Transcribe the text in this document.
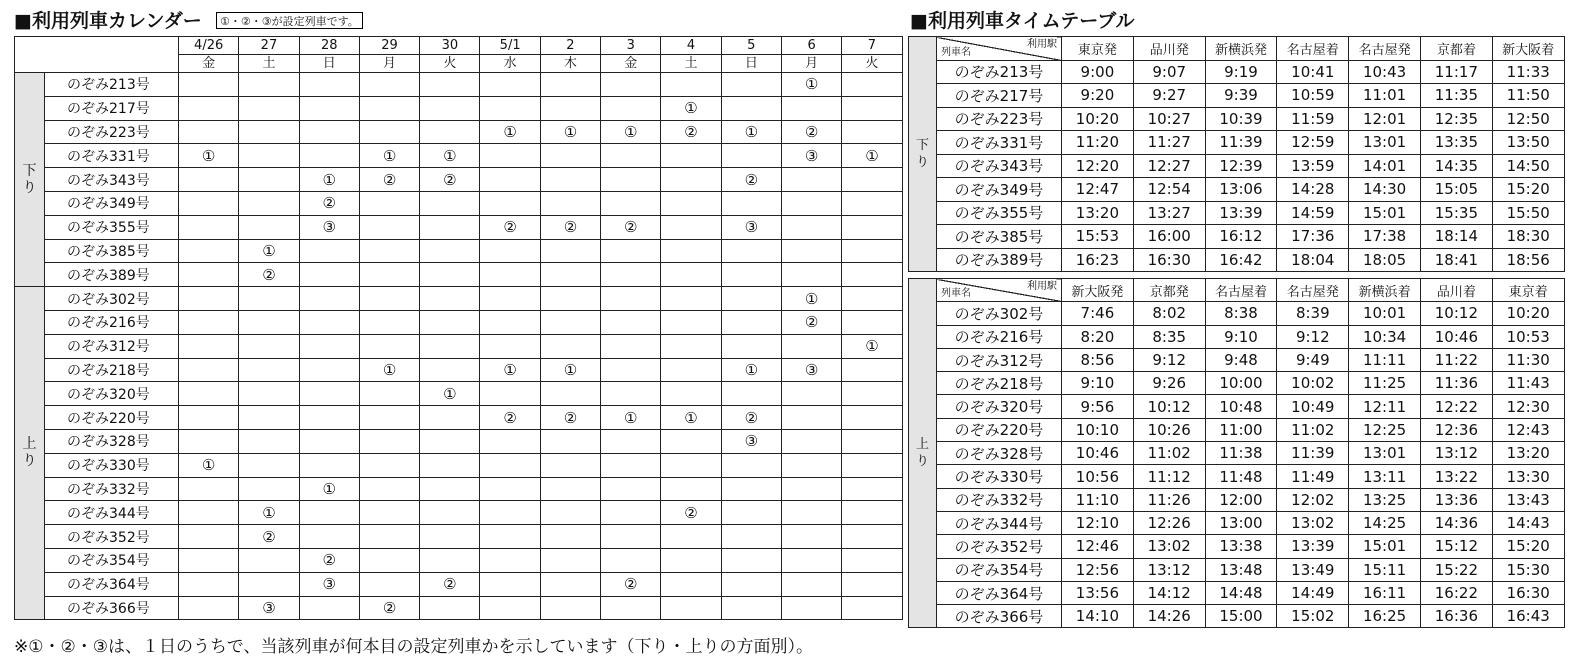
■利用列車カレンダー	①・②・③が設定列車です。	■利用列車タイムテーブル
		4/26	27	28	29	30	5/1	2	3	4	5	6	7
		金	土	日	月	火	水	木	金	土	日	月	火

下り	のぞみ213号											①	
	のぞみ217号									①			
	のぞみ223号						①	①	①	②	①	②	
	のぞみ331号	①			①	①						③	①
	のぞみ343号			①	②	②					②		
	のぞみ349号			②									
	のぞみ355号			③			②	②	②		③		
	のぞみ385号		①										
	のぞみ389号		②										

上り	のぞみ302号											①	
	のぞみ216号											②	
	のぞみ312号												①
	のぞみ218号				①		①	①			①	③	
	のぞみ320号					①							
	のぞみ220号						②	②	①	①	②		
	のぞみ328号										③		
	のぞみ330号	①											
	のぞみ332号			①									
	のぞみ344号		①							②			
	のぞみ352号		②										
	のぞみ354号			②									
	のぞみ364号			③		②			②				
	のぞみ366号		③		②								
下り	利用駅
列車名	東京発	品川発	新横浜発	名古屋着	名古屋発	京都着	新大阪着
	のぞみ213号	9:00	9:07	9:19	10:41	10:43	11:17	11:33
	のぞみ217号	9:20	9:27	9:39	10:59	11:01	11:35	11:50
	のぞみ223号	10:20	10:27	10:39	11:59	12:01	12:35	12:50
	のぞみ331号	11:20	11:27	11:39	12:59	13:01	13:35	13:50
	のぞみ343号	12:20	12:27	12:39	13:59	14:01	14:35	14:50
	のぞみ349号	12:47	12:54	13:06	14:28	14:30	15:05	15:20
	のぞみ355号	13:20	13:27	13:39	14:59	15:01	15:35	15:50
	のぞみ385号	15:53	16:00	16:12	17:36	17:38	18:14	18:30
	のぞみ389号	16:23	16:30	16:42	18:04	18:05	18:41	18:56
上り	利用駅
列車名	新大阪発	京都発	名古屋着	名古屋発	新横浜着	品川着	東京着
	のぞみ302号	7:46	8:02	8:38	8:39	10:01	10:12	10:20
	のぞみ216号	8:20	8:35	9:10	9:12	10:34	10:46	10:53
	のぞみ312号	8:56	9:12	9:48	9:49	11:11	11:22	11:30
	のぞみ218号	9:10	9:26	10:00	10:02	11:25	11:36	11:43
	のぞみ320号	9:56	10:12	10:48	10:49	12:11	12:22	12:30
	のぞみ220号	10:10	10:26	11:00	11:02	12:25	12:36	12:43
	のぞみ328号	10:46	11:02	11:38	11:39	13:01	13:12	13:20
	のぞみ330号	10:56	11:12	11:48	11:49	13:11	13:22	13:30
	のぞみ332号	11:10	11:26	12:00	12:02	13:25	13:36	13:43
	のぞみ344号	12:10	12:26	13:00	13:02	14:25	14:36	14:43
	のぞみ352号	12:46	13:02	13:38	13:39	15:01	15:12	15:20
	のぞみ354号	12:56	13:12	13:48	13:49	15:11	15:22	15:30
	のぞみ364号	13:56	14:12	14:48	14:49	16:11	16:22	16:30
	のぞみ366号	14:10	14:26	15:00	15:02	16:25	16:36	16:43
※①・②・③は、１日のうちで、当該列車が何本目の設定列車かを示しています（下り・上りの方面別）。
